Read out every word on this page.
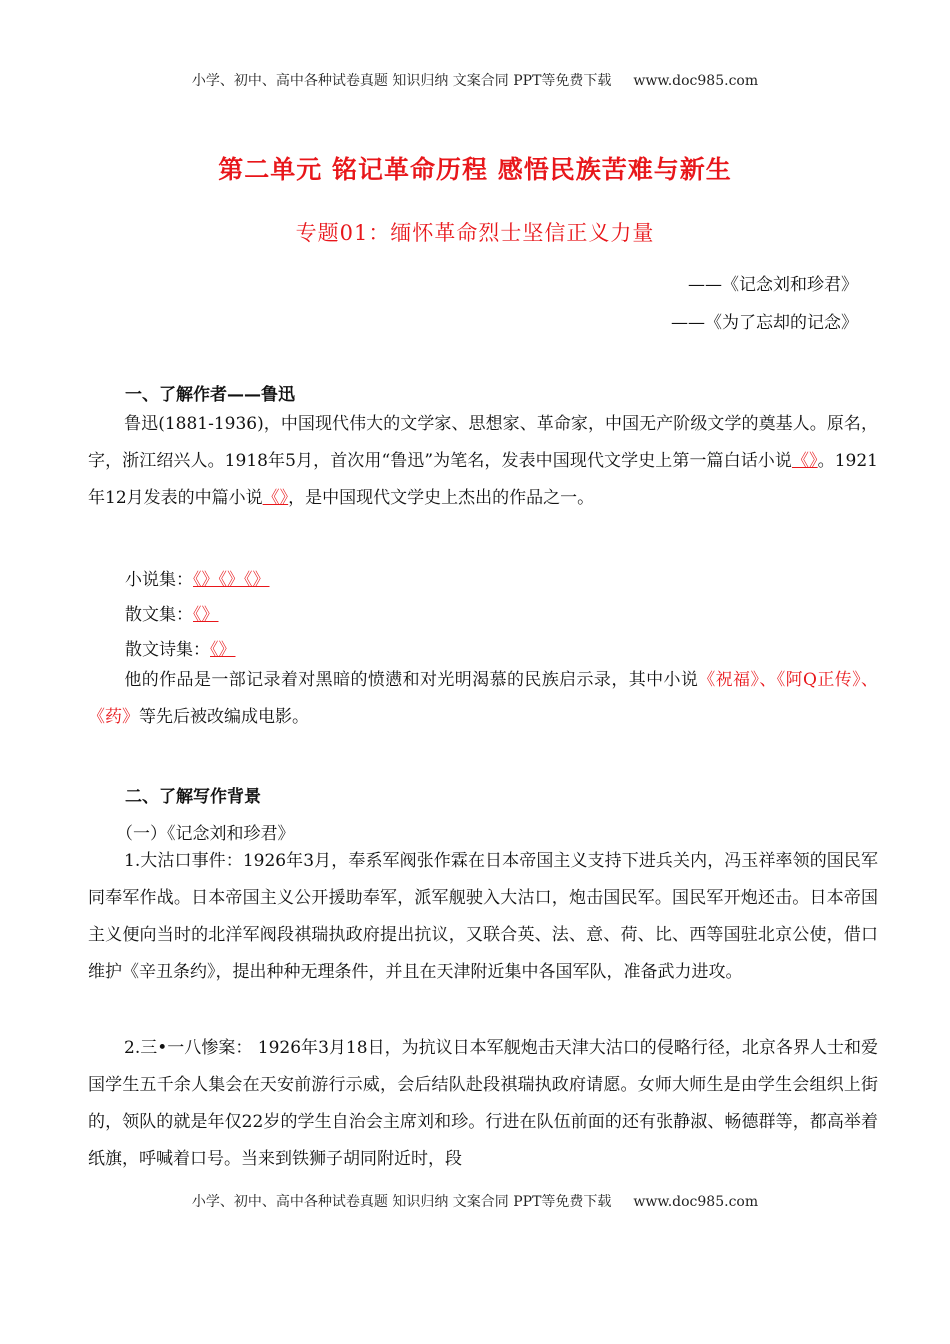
小学、初中、高中各种试卷真题 知识归纳 文案合同 PPT等免费下载 www.doc985.com
第二单元 铭记革命历程 感悟民族苦难与新生
专题01：缅怀革命烈士坚信正义力量
——《记念刘和珍君》
——《为了忘却的记念》
一、了解作者——鲁迅
鲁迅(1881-1936)，中国现代伟大的文学家、思想家、革命家，中国无产阶级文学的奠基人。原名，字，浙江绍兴人。1918年5月，首次用“鲁迅”为笔名，发表中国现代文学史上第一篇白话小说《》。1921年12月发表的中篇小说《》，是中国现代文学史上杰出的作品之一。
小说集：《》《》《》
散文集：《》
散文诗集：《》
他的作品是一部记录着对黑暗的愤懑和对光明渴慕的民族启示录，其中小说《祝福》、《阿Q正传》、《药》等先后被改编成电影。
二、了解写作背景
（一）《记念刘和珍君》
1.大沽口事件：1926年3月，奉系军阀张作霖在日本帝国主义支持下进兵关内，冯玉祥率领的国民军同奉军作战。日本帝国主义公开援助奉军，派军舰驶入大沽口，炮击国民军。国民军开炮还击。日本帝国主义便向当时的北洋军阀段祺瑞执政府提出抗议，又联合英、法、意、荷、比、西等国驻北京公使，借口维护《辛丑条约》，提出种种无理条件，并且在天津附近集中各国军队，准备武力进攻。
2.三•一八惨案： 1926年3月18日，为抗议日本军舰炮击天津大沽口的侵略行径，北京各界人士和爱国学生五千余人集会在天安前游行示威，会后结队赴段祺瑞执政府请愿。女师大师生是由学生会组织上街的，领队的就是年仅22岁的学生自治会主席刘和珍。行进在队伍前面的还有张静淑、畅德群等，都高举着纸旗，呼喊着口号。当来到铁狮子胡同附近时，段
小学、初中、高中各种试卷真题 知识归纳 文案合同 PPT等免费下载 www.doc985.com
